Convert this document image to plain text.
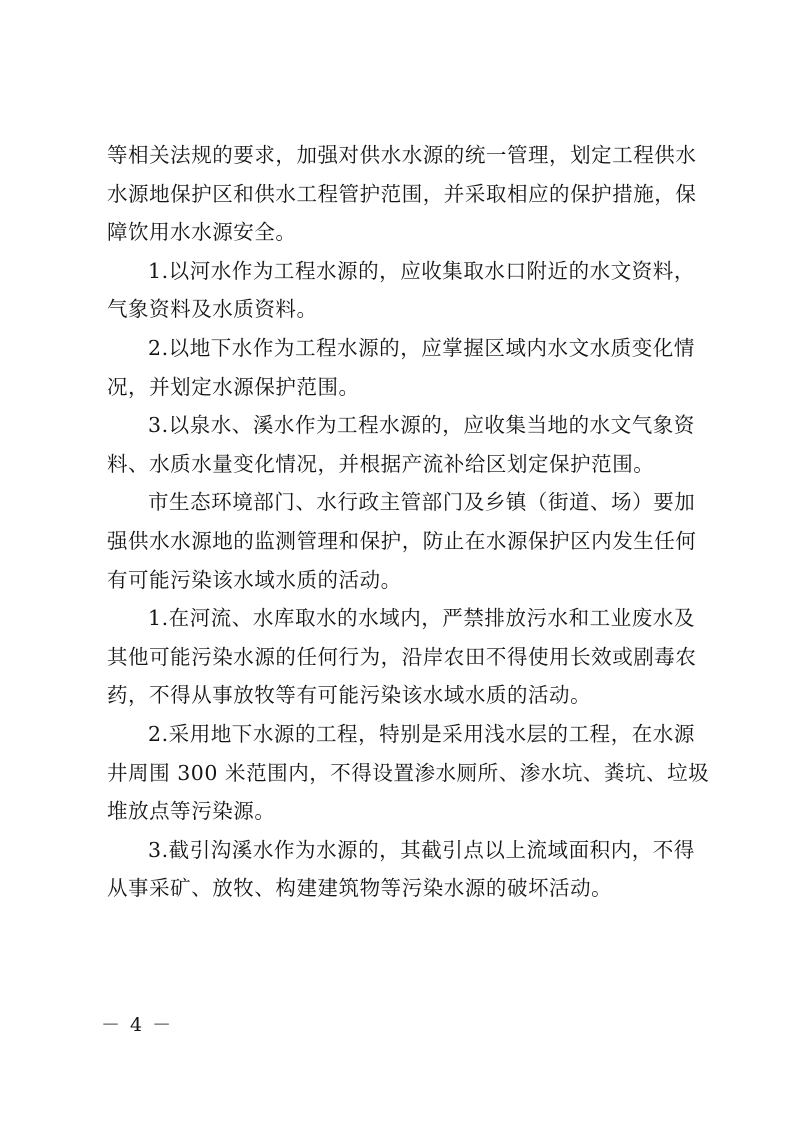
等相关法规的要求，加强对供水水源的统一管理，划定工程供水
水源地保护区和供水工程管护范围，并采取相应的保护措施，保
障饮用水水源安全。
1.以河水作为工程水源的，应收集取水口附近的水文资料，
气象资料及水质资料。
2.以地下水作为工程水源的，应掌握区域内水文水质变化情
况，并划定水源保护范围。
3.以泉水、溪水作为工程水源的，应收集当地的水文气象资
料、水质水量变化情况，并根据产流补给区划定保护范围。
市生态环境部门、水行政主管部门及乡镇（街道、场）要加
强供水水源地的监测管理和保护，防止在水源保护区内发生任何
有可能污染该水域水质的活动。
1.在河流、水库取水的水域内，严禁排放污水和工业废水及
其他可能污染水源的任何行为，沿岸农田不得使用长效或剧毒农
药，不得从事放牧等有可能污染该水域水质的活动。
2.采用地下水源的工程，特别是采用浅水层的工程，在水源
井周围 300 米范围内，不得设置渗水厕所、渗水坑、粪坑、垃圾
堆放点等污染源。
3.截引沟溪水作为水源的，其截引点以上流域面积内，不得
从事采矿、放牧、构建建筑物等污染水源的破坏活动。
－ 4 －
